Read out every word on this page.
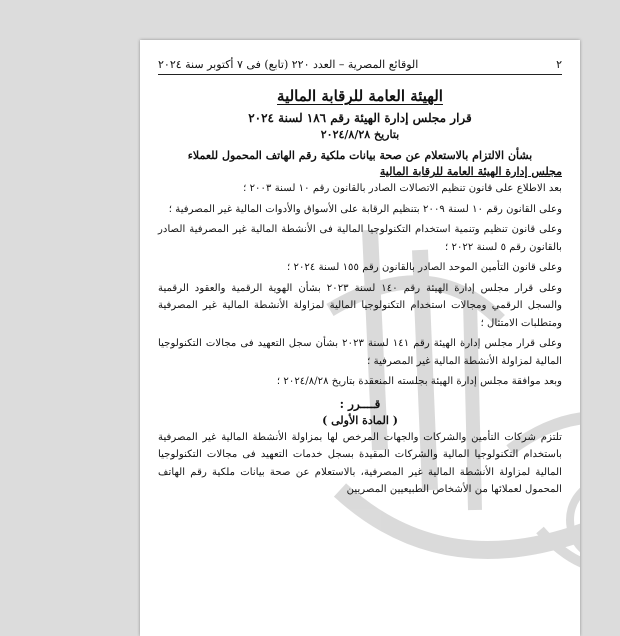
٢
الوقائع المصرية – العدد ٢٢٠ (تابع) فى ٧ أكتوبر سنة ٢٠٢٤
الهيئة العامة للرقابة المالية
قرار مجلس إدارة الهيئة رقم ١٨٦ لسنة ٢٠٢٤
بتاريخ ٢٠٢٤/٨/٢٨
بشأن الالتزام بالاستعلام عن صحة بيانات ملكية رقم الهاتف المحمول للعملاء
مجلس إدارة الهيئة العامة للرقابة المالية
بعد الاطلاع على قانون تنظيم الاتصالات الصادر بالقانون رقم ١٠ لسنة ٢٠٠٣ ؛
وعلى القانون رقم ١٠ لسنة ٢٠٠٩ بتنظيم الرقابة على الأسواق والأدوات المالية غير المصرفية ؛
وعلى قانون تنظيم وتنمية استخدام التكنولوجيا المالية فى الأنشطة المالية غير المصرفية الصادر بالقانون رقم ٥ لسنة ٢٠٢٢ ؛
وعلى قانون التأمين الموحد الصادر بالقانون رقم ١٥٥ لسنة ٢٠٢٤ ؛
وعلى قرار مجلس إدارة الهيئة رقم ١٤٠ لسنة ٢٠٢٣ بشأن الهوية الرقمية والعقود الرقمية والسجل الرقمي ومجالات استخدام التكنولوجيا المالية لمزاولة الأنشطة المالية غير المصرفية ومتطلبات الامتثال ؛
وعلى قرار مجلس إدارة الهيئة رقم ١٤١ لسنة ٢٠٢٣ بشأن سجل التعهيد فى مجالات التكنولوجيا المالية لمزاولة الأنشطة المالية غير المصرفية ؛
وبعد موافقة مجلس إدارة الهيئة بجلسته المنعقدة بتاريخ ٢٠٢٤/٨/٢٨ ؛
قــــرر :
( المادة الأولى )
تلتزم شركات التأمين والشركات والجهات المرخص لها بمزاولة الأنشطة المالية غير المصرفية باستخدام التكنولوجيا المالية والشركات المقيدة بسجل خدمات التعهيد فى مجالات التكنولوجيا المالية لمزاولة الأنشطة المالية غير المصرفية، بالاستعلام عن صحة بيانات ملكية رقم الهاتف المحمول لعملائها من الأشخاص الطبيعيين المصريين
